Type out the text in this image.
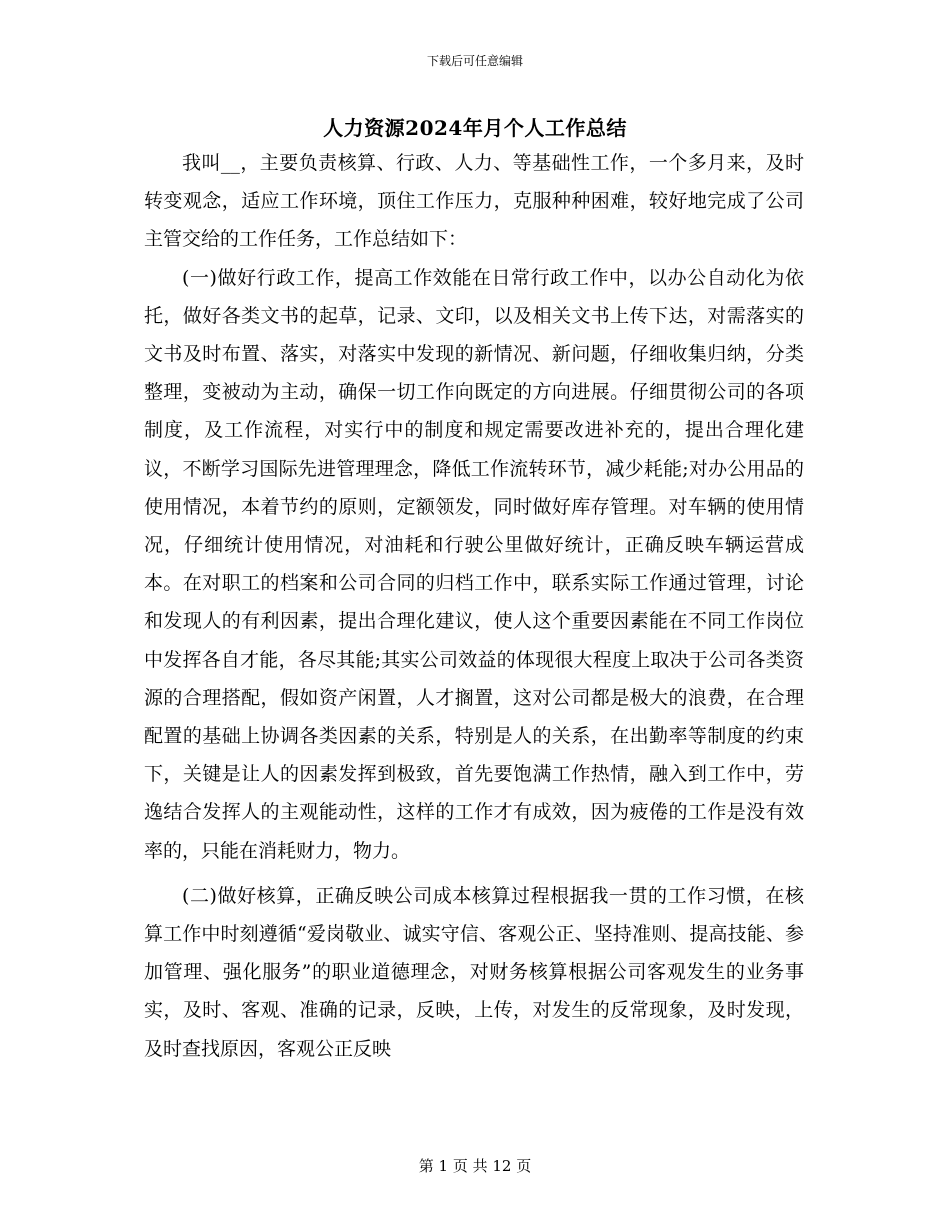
下载后可任意编辑
人力资源2024年月个人工作总结

我叫__，主要负责核算、行政、人力、等基础性工作，一个多月来，及时转变观念，适应工作环境，顶住工作压力，克服种种困难，较好地完成了公司主管交给的工作任务，工作总结如下：

(一)做好行政工作，提高工作效能在日常行政工作中，以办公自动化为依托，做好各类文书的起草，记录、文印，以及相关文书上传下达，对需落实的文书及时布置、落实，对落实中发现的新情况、新问题，仔细收集归纳，分类整理，变被动为主动，确保一切工作向既定的方向进展。仔细贯彻公司的各项制度，及工作流程，对实行中的制度和规定需要改进补充的，提出合理化建议，不断学习国际先进管理理念，降低工作流转环节，减少耗能;对办公用品的使用情况，本着节约的原则，定额领发，同时做好库存管理。对车辆的使用情况，仔细统计使用情况，对油耗和行驶公里做好统计，正确反映车辆运营成本。在对职工的档案和公司合同的归档工作中，联系实际工作通过管理，讨论和发现人的有利因素，提出合理化建议，使人这个重要因素能在不同工作岗位中发挥各自才能，各尽其能;其实公司效益的体现很大程度上取决于公司各类资源的合理搭配，假如资产闲置，人才搁置，这对公司都是极大的浪费，在合理配置的基础上协调各类因素的关系，特别是人的关系，在出勤率等制度的约束下，关键是让人的因素发挥到极致，首先要饱满工作热情，融入到工作中，劳逸结合发挥人的主观能动性，这样的工作才有成效，因为疲倦的工作是没有效率的，只能在消耗财力，物力。

(二)做好核算，正确反映公司成本核算过程根据我一贯的工作习惯，在核算工作中时刻遵循“爱岗敬业、诚实守信、客观公正、坚持准则、提高技能、参加管理、强化服务”的职业道德理念，对财务核算根据公司客观发生的业务事实，及时、客观、准确的记录，反映，上传，对发生的反常现象，及时发现，及时查找原因，客观公正反映

第 1 页 共 12 页
